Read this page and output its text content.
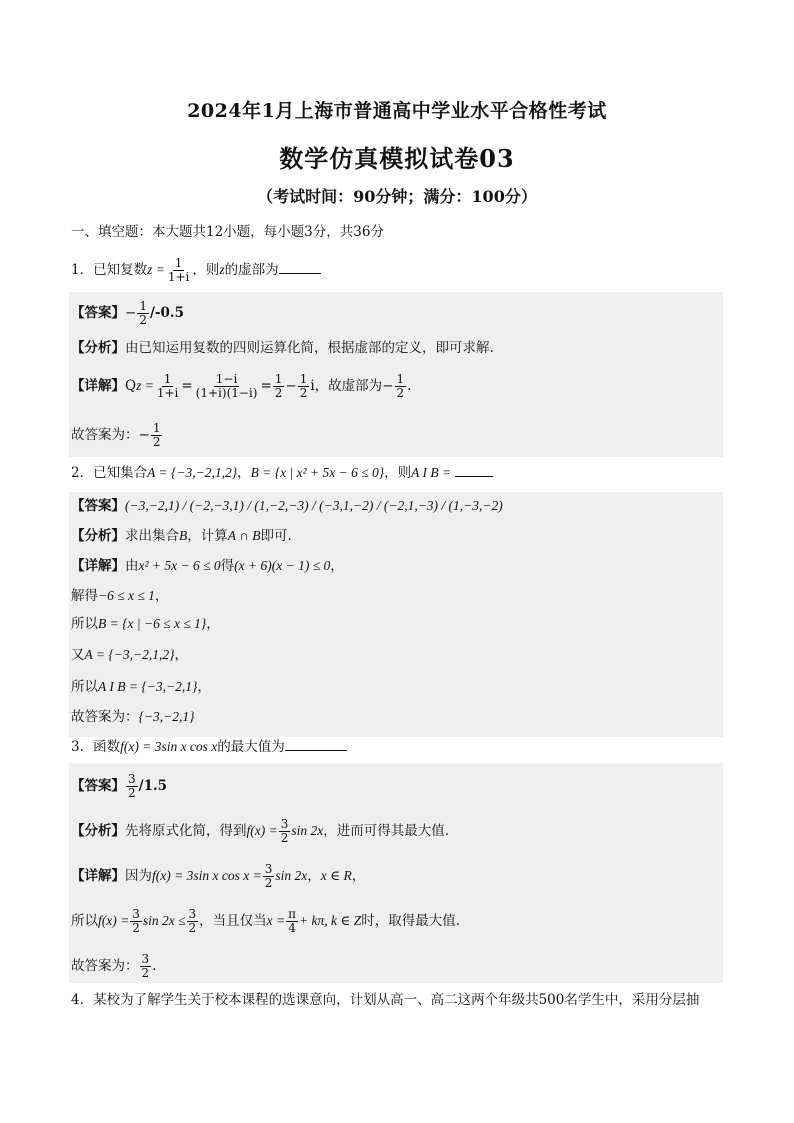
2024年1月上海市普通高中学业水平合格性考试
数学仿真模拟试卷03
（考试时间：90分钟；满分：100分）
一、填空题：本大题共12小题，每小题3分，共36分
1．已知复数$z = \frac{1}{1+i}$ ，则z的虚部为
【答案】− $\frac{1}{2} /-0.5$
【分析】由已知运用复数的四则运算化简，根据虚部的定义，即可求解.
【详解】$Qz = \frac{1}{1+i} = \frac{1-i}{(1+i)(1-i)} = \frac{1}{2} - \frac{1}{2}$ i，故虚部为− $\frac{1}{2}$ .
故答案为：− $\frac{1}{2}$
2．已知集合A = {−3,−2,1,2}，B = {x | x² + 5x − 6 ≤ 0}，则A I B =
【答案】(−3,−2,1) / (−2,−3,1) / (1,−2,−3) / (−3,1,−2) / (−2,1,−3) / (1,−3,−2)
【分析】求出集合B，计算A ∩ B即可.
【详解】由x² + 5x − 6 ≤ 0得(x + 6)(x − 1) ≤ 0，
解得−6 ≤ x ≤ 1，
所以B = {x | −6 ≤ x ≤ 1}，
又A = {−3,−2,1,2}，
所以A I B = {−3,−2,1}，
故答案为：{−3,−2,1}
3．函数f(x) = 3sin x cos x的最大值为
【答案】 $\frac{3}{2} /1.5$
【分析】先将原式化简，得到$f(x) = \frac{3}{2}$ sin 2x，进而可得其最大值.
【详解】因为f(x) = 3sin x $\cos x = \frac{3}{2}$ sin 2x，x ∈ R，
所以$f(x) = \frac{3}{2}$ $\sin 2x \le \frac{3}{2}$ ，当且仅当$x = \frac{\pi}{4} + k\pi$, k ∈ Z时，取得最大值.
故答案为： $\frac{3}{2}$ .
4．某校为了解学生关于校本课程的选课意向，计划从高一、高二这两个年级共500名学生中，采用分层抽
